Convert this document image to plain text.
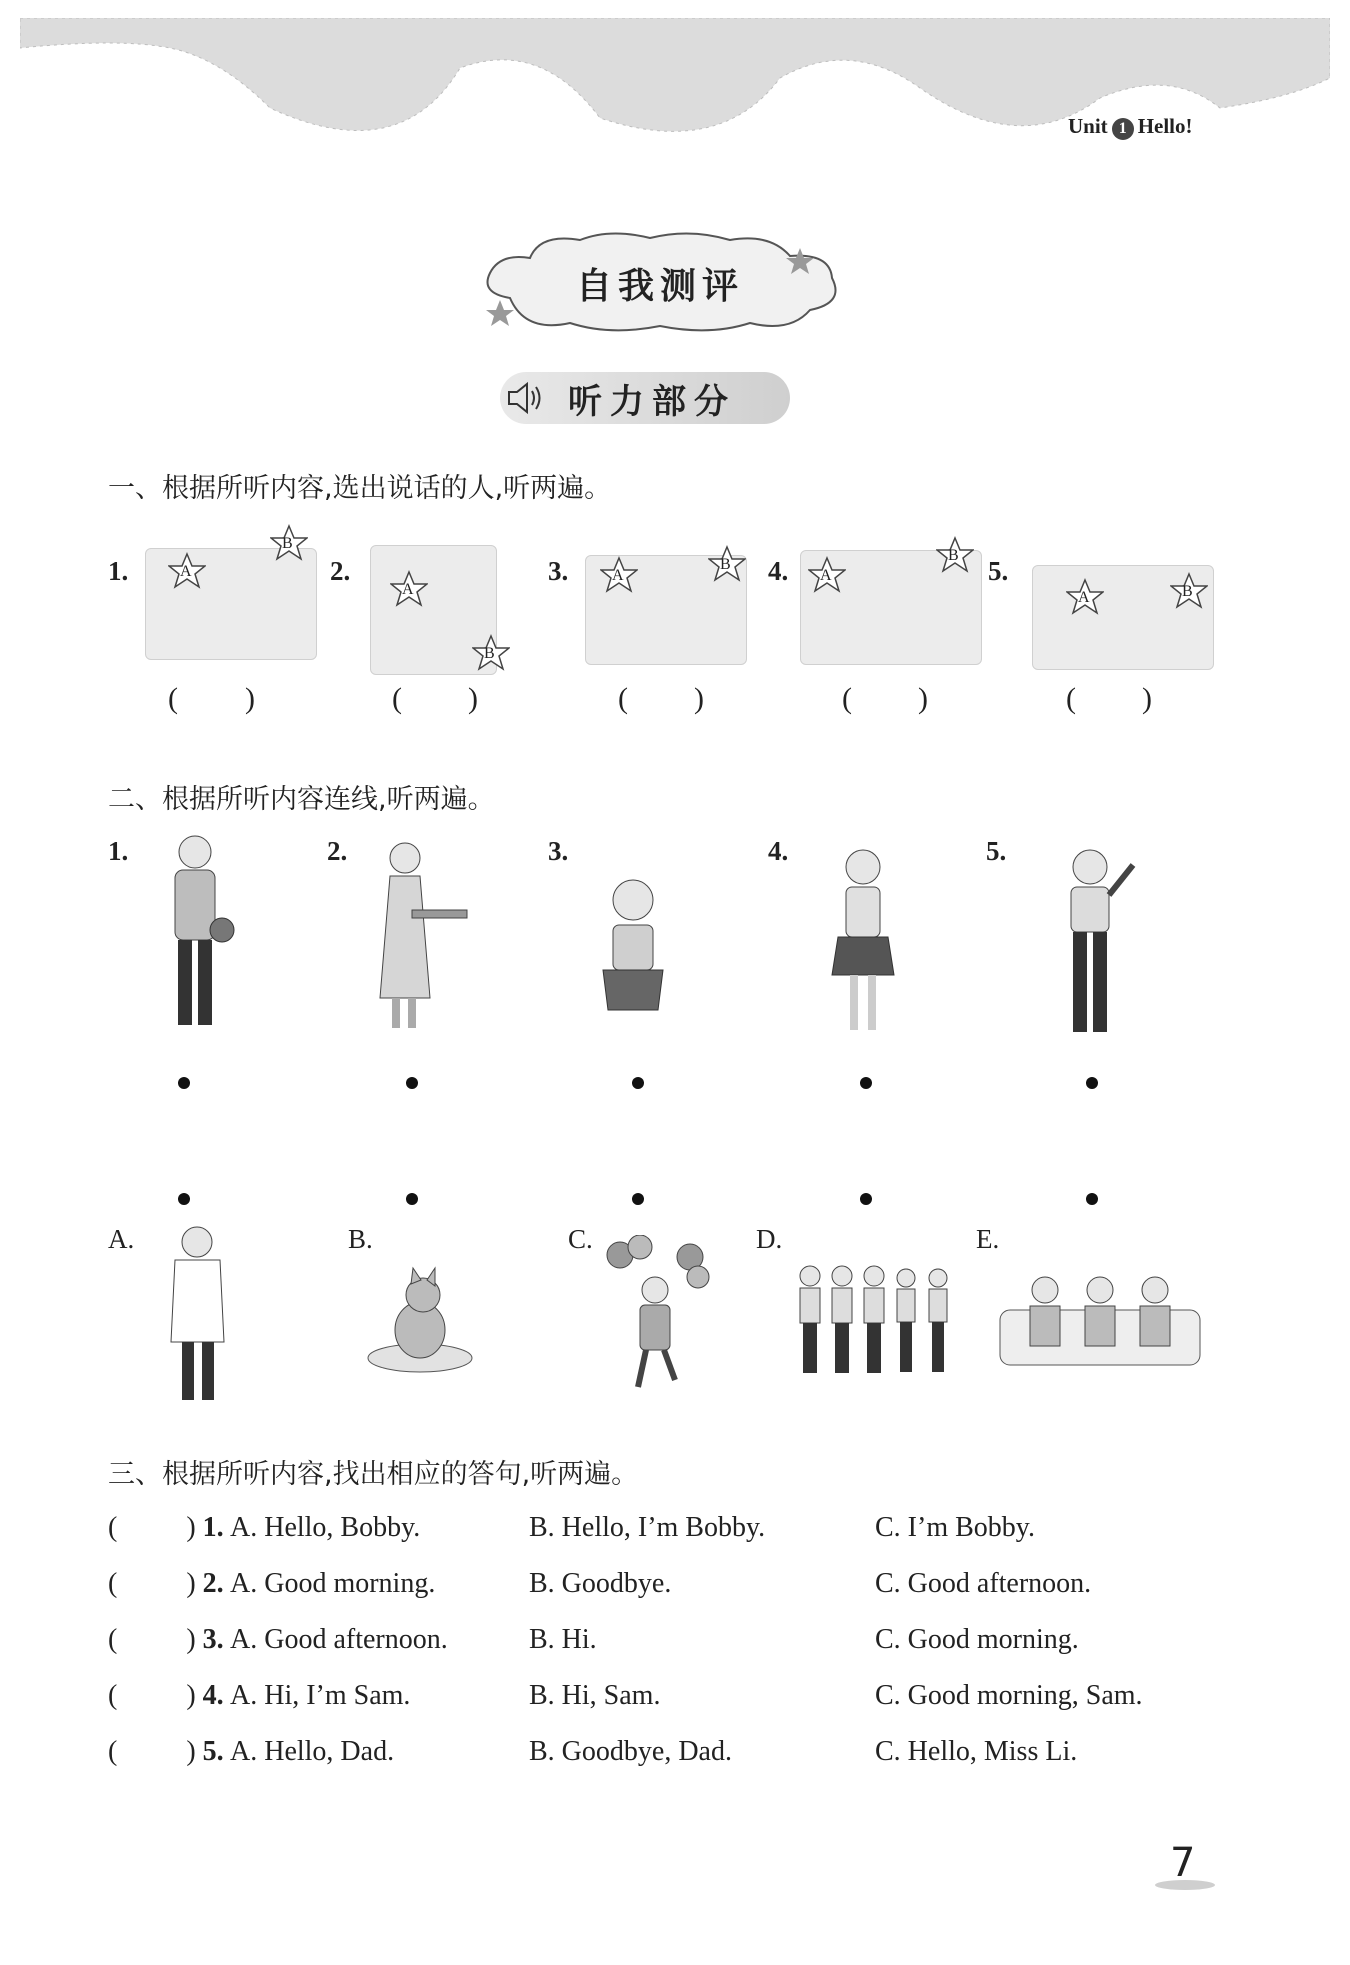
Unit 1 Hello!
自我测评
听力部分
一、根据所听内容,选出说话的人,听两遍。
1.	A
B
( )
2.
A
B
( )
3.	A
B
( )
4. A
B
( )
5.
A	B
( )
二、根据所听内容连线,听两遍。
1.	2.	3.	4.	5.
A.	B.	C.	D.	E.
三、根据所听内容,找出相应的答句,听两遍。
( ) 1. A. Hello, Bobby.	B. Hello, I’m Bobby.	C. I’m Bobby.
( ) 2. A. Good morning.	B. Goodbye.	C. Good afternoon.
( ) 3. A. Good afternoon.	B. Hi.	C. Good morning.
( ) 4. A. Hi, I’m Sam.	B. Hi, Sam.	C. Good morning, Sam.
( ) 5. A. Hello, Dad.	B. Goodbye, Dad.	C. Hello, Miss Li.
7
